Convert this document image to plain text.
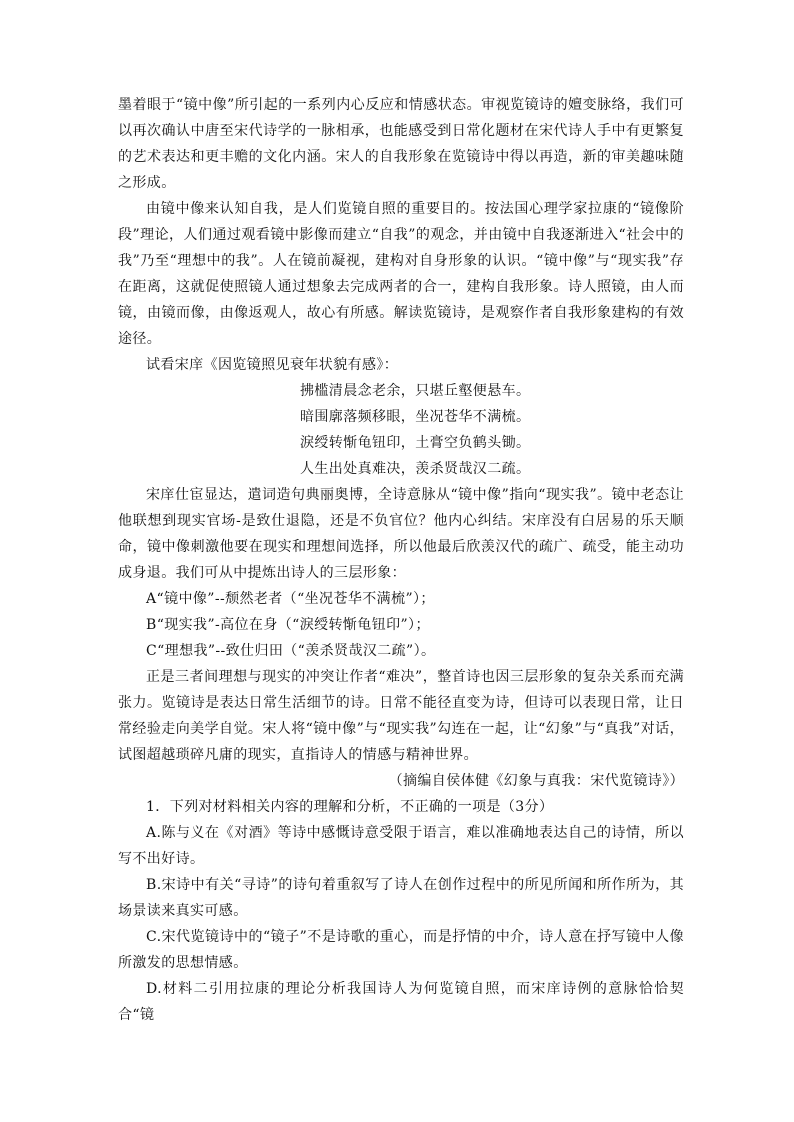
墨着眼于“镜中像”所引起的一系列内心反应和情感状态。审视览镜诗的嬗变脉络，我们可以再次确认中唐至宋代诗学的一脉相承，也能感受到日常化题材在宋代诗人手中有更繁复的艺术表达和更丰赡的文化内涵。宋人的自我形象在览镜诗中得以再造，新的审美趣味随之形成。

由镜中像来认知自我，是人们览镜自照的重要目的。按法国心理学家拉康的“镜像阶段”理论，人们通过观看镜中影像而建立“自我”的观念，并由镜中自我逐渐进入“社会中的我”乃至“理想中的我”。人在镜前凝视，建构对自身形象的认识。“镜中像”与“现实我”存在距离，这就促使照镜人通过想象去完成两者的合一，建构自我形象。诗人照镜，由人而镜，由镜而像，由像返观人，故心有所感。解读览镜诗，是观察作者自我形象建构的有效途径。

试看宋庠《因览镜照见衰年状貌有感》：

拂槛清晨念老余，只堪丘壑便悬车。

暗围廓落频移眼，坐况苍华不满梳。

淚绶转惭龟钮印，土膏空负鹤头锄。

人生出处真难决，羡杀贤哉汉二疏。

宋庠仕宦显达，遣词造句典丽奥博，全诗意脉从“镜中像”指向“现实我”。镜中老态让他联想到现实官场-是致仕退隐，还是不负官位？他内心纠结。宋庠没有白居易的乐天顺命，镜中像刺激他要在现实和理想间选择，所以他最后欣羡汉代的疏广、疏受，能主动功成身退。我们可从中提炼出诗人的三层形象：

A“镜中像”--颓然老者（“坐况苍华不满梳”）；

B“现实我”-高位在身（“淚绶转惭龟钮印”）；

C“理想我”--致仕归田（“羡杀贤哉汉二疏”）。

正是三者间理想与现实的冲突让作者“难决”，整首诗也因三层形象的复杂关系而充满张力。览镜诗是表达日常生活细节的诗。日常不能径直变为诗，但诗可以表现日常，让日常经验走向美学自觉。宋人将“镜中像”与“现实我”勾连在一起，让“幻象”与“真我”对话，试图超越琐碎凡庸的现实，直指诗人的情感与精神世界。

（摘编自侯体健《幻象与真我：宋代览镜诗》）

1．下列对材料相关内容的理解和分析，不正确的一项是（3分）

A.陈与义在《对酒》等诗中感慨诗意受限于语言，难以准确地表达自己的诗情，所以写不出好诗。

B.宋诗中有关“寻诗”的诗句着重叙写了诗人在创作过程中的所见所闻和所作所为，其场景读来真实可感。

C.宋代览镜诗中的“镜子”不是诗歌的重心，而是抒情的中介，诗人意在抒写镜中人像所激发的思想情感。

D.材料二引用拉康的理论分析我国诗人为何览镜自照，而宋庠诗例的意脉恰恰契合“镜
